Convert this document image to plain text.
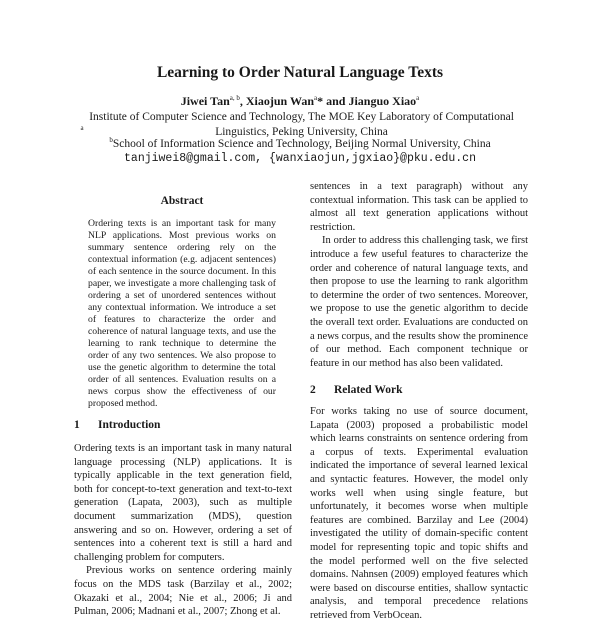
Learning to Order Natural Language Texts
Jiwei Tan$^{a, b}$, Xiaojun Wan$^a$* and Jianguo Xiao$^a$
$^a$Institute of Computer Science and Technology, The MOE Key Laboratory of Computational Linguistics, Peking University, China
$^b$School of Information Science and Technology, Beijing Normal University, China
tanjiwei8@gmail.com, {wanxiaojun,jgxiao}@pku.edu.cn
Abstract
Ordering texts is an important task for many NLP applications. Most previous works on summary sentence ordering rely on the contextual information (e.g. adjacent sentences) of each sentence in the source document. In this paper, we investigate a more challenging task of ordering a set of unordered sentences without any contextual information. We introduce a set of features to characterize the order and coherence of natural language texts, and use the learning to rank technique to determine the order of any two sentences. We also propose to use the genetic algorithm to determine the total order of all sentences. Evaluation results on a news corpus show the effectiveness of our proposed method.
1 Introduction

Ordering texts is an important task in many natural language processing (NLP) applications. It is typically applicable in the text generation field, both for concept-to-text generation and text-to-text generation (Lapata, 2003), such as multiple document summarization (MDS), question answering and so on. However, ordering a set of sentences into a coherent text is still a hard and challenging problem for computers.

Previous works on sentence ordering mainly focus on the MDS task (Barzilay et al., 2002; Okazaki et al., 2004; Nie et al., 2006; Ji and Pulman, 2006; Madnani et al., 2007; Zhong et al.

sentences in a text paragraph) without any contextual information. This task can be applied to almost all text generation applications without restriction.

In order to address this challenging task, we first introduce a few useful features to characterize the order and coherence of natural language texts, and then propose to use the learning to rank algorithm to determine the order of two sentences. Moreover, we propose to use the genetic algorithm to decide the overall text order. Evaluations are conducted on a news corpus, and the results show the prominence of our method. Each component technique or feature in our method has also been validated.

2 Related Work

For works taking no use of source document, Lapata (2003) proposed a probabilistic model which learns constraints on sentence ordering from a corpus of texts. Experimental evaluation indicated the importance of several learned lexical and syntactic features. However, the model only works well when using single feature, but unfortunately, it becomes worse when multiple features are combined. Barzilay and Lee (2004) investigated the utility of domain-specific content model for representing topic and topic shifts and the model performed well on the five selected domains. Nahnsen (2009) employed features which were based on discourse entities, shallow syntactic analysis, and temporal precedence relations retrieved from VerbOcean.
